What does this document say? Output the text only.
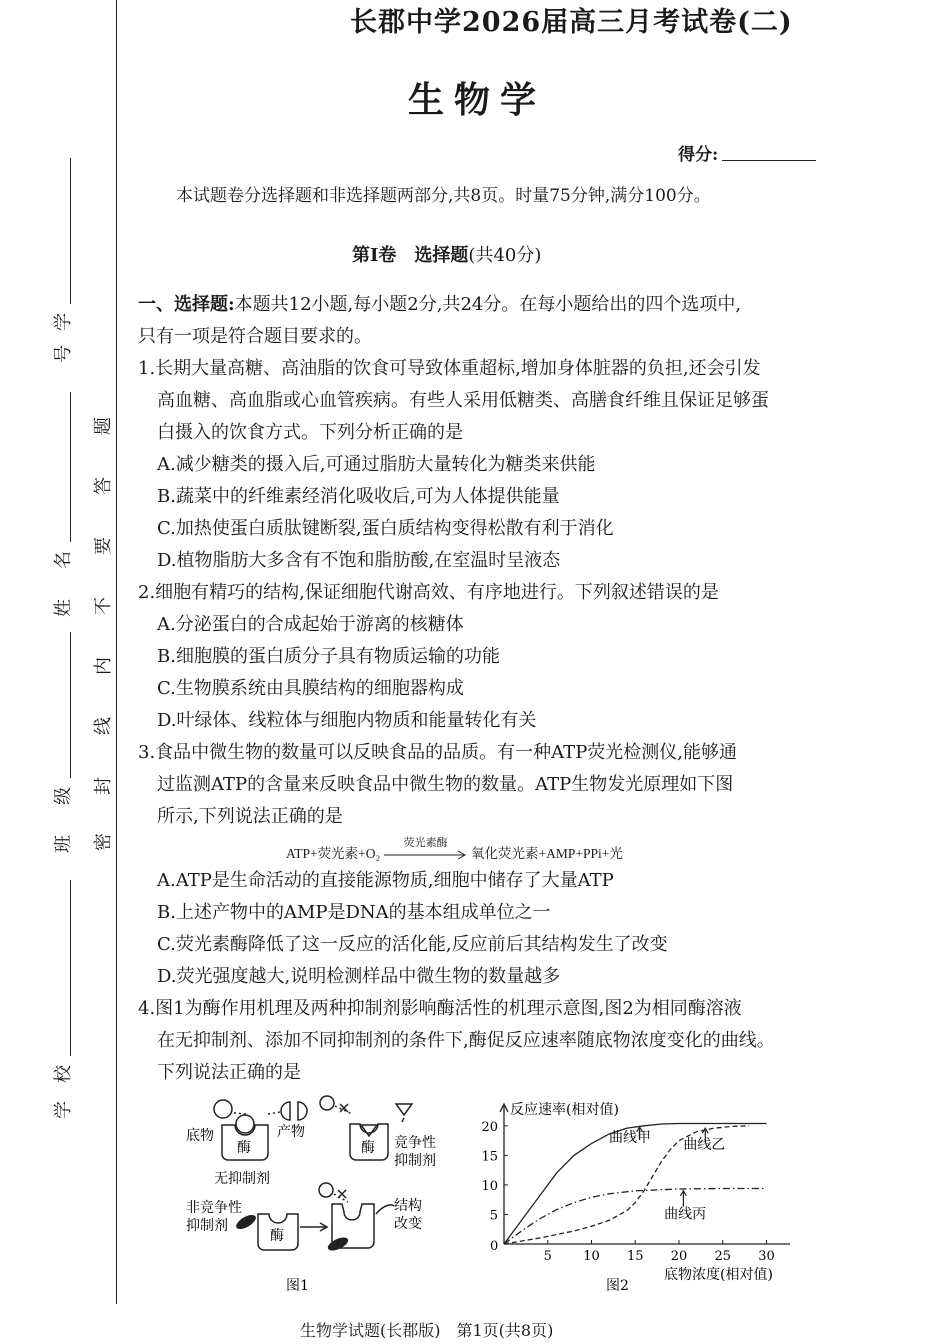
学
号
姓
名
班
级
学
校
题
答
要
不
内
线
封
密
长郡中学2026届高三月考试卷(二)
生物学
得分:
本试题卷分选择题和非选择题两部分,共8页。时量75分钟,满分100分。
第Ⅰ卷　选择题(共40分)
一、选择题:本题共12小题,每小题2分,共24分。在每小题给出的四个选项中,
只有一项是符合题目要求的。
1.长期大量高糖、高油脂的饮食可导致体重超标,增加身体脏器的负担,还会引发
高血糖、高血脂或心血管疾病。有些人采用低糖类、高膳食纤维且保证足够蛋
白摄入的饮食方式。下列分析正确的是
A.减少糖类的摄入后,可通过脂肪大量转化为糖类来供能
B.蔬菜中的纤维素经消化吸收后,可为人体提供能量
C.加热使蛋白质肽键断裂,蛋白质结构变得松散有利于消化
D.植物脂肪大多含有不饱和脂肪酸,在室温时呈液态
2.细胞有精巧的结构,保证细胞代谢高效、有序地进行。下列叙述错误的是
A.分泌蛋白的合成起始于游离的核糖体
B.细胞膜的蛋白质分子具有物质运输的功能
C.生物膜系统由具膜结构的细胞器构成
D.叶绿体、线粒体与细胞内物质和能量转化有关
3.食品中微生物的数量可以反映食品的品质。有一种ATP荧光检测仪,能够通
过监测ATP的含量来反映食品中微生物的数量。ATP生物发光原理如下图
所示,下列说法正确的是
ATP+荧光素+O₂
荧光素酶
氧化荧光素+AMP+PPi+光
A.ATP是生命活动的直接能源物质,细胞中储存了大量ATP
B.上述产物中的AMP是DNA的基本组成单位之一
C.荧光素酶降低了这一反应的活化能,反应前后其结构发生了改变
D.荧光强度越大,说明检测样品中微生物的数量越多
4.图1为酶作用机理及两种抑制剂影响酶活性的机理示意图,图2为相同酶溶液
在无抑制剂、添加不同抑制剂的条件下,酶促反应速率随底物浓度变化的曲线。
下列说法正确的是
底物	产物
酶
无抑制剂
竞争性
抑制剂
酶
非竞争性
抑制剂
酶
结构
改变
图1
反应速率(相对值)
底物浓度(相对值)
图2
0
5 10 15 20 25 30
5
10
15
20
曲线甲 曲线乙
曲线丙
生物学试题(长郡版)　第1页(共8页)
